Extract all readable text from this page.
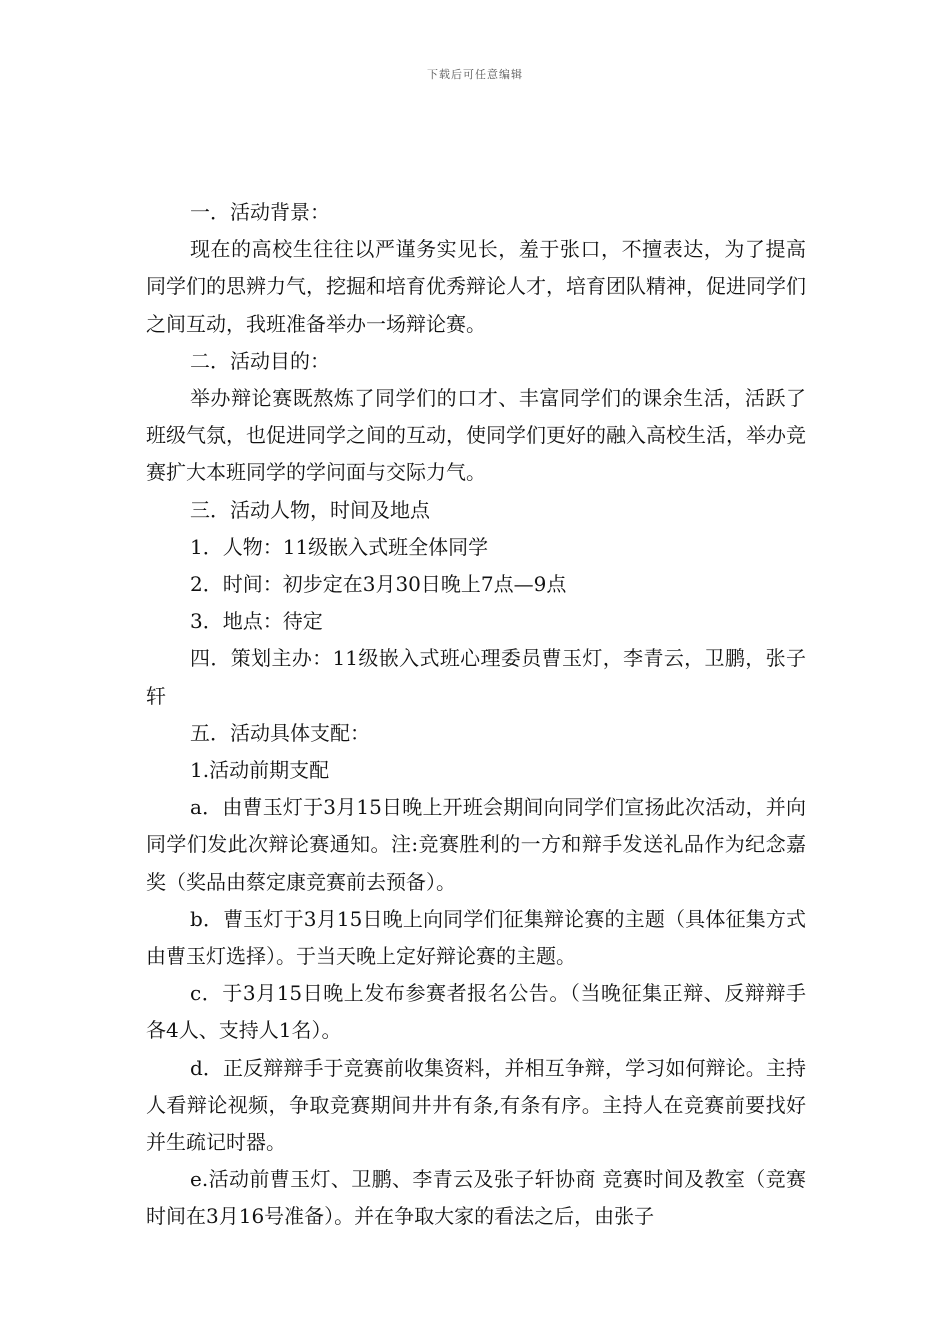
下载后可任意编辑

一．活动背景：

现在的高校生往往以严谨务实见长，羞于张口，不擅表达，为了提高同学们的思辨力气，挖掘和培育优秀辩论人才，培育团队精神，促进同学们之间互动，我班准备举办一场辩论赛。

二．活动目的：

举办辩论赛既熬炼了同学们的口才、丰富同学们的课余生活，活跃了班级气氛，也促进同学之间的互动，使同学们更好的融入高校生活，举办竞赛扩大本班同学的学问面与交际力气。

三．活动人物，时间及地点

1．人物：11级嵌入式班全体同学

2．时间：初步定在3月30日晚上7点—9点

3．地点：待定

四．策划主办：11级嵌入式班心理委员曹玉灯，李青云，卫鹏，张子轩

五．活动具体支配：

1.活动前期支配

a．由曹玉灯于3月15日晚上开班会期间向同学们宣扬此次活动，并向同学们发此次辩论赛通知。注:竞赛胜利的一方和辩手发送礼品作为纪念嘉奖（奖品由蔡定康竞赛前去预备）。

b．曹玉灯于3月15日晚上向同学们征集辩论赛的主题（具体征集方式由曹玉灯选择）。于当天晚上定好辩论赛的主题。

c．于3月15日晚上发布参赛者报名公告。（当晚征集正辩、反辩辩手各4人、支持人1名）。

d．正反辩辩手于竞赛前收集资料，并相互争辩，学习如何辩论。主持人看辩论视频，争取竞赛期间井井有条,有条有序。主持人在竞赛前要找好并生疏记时器。

e.活动前曹玉灯、卫鹏、李青云及张子轩协商 竞赛时间及教室（竞赛时间在3月16号准备）。并在争取大家的看法之后，由张子
